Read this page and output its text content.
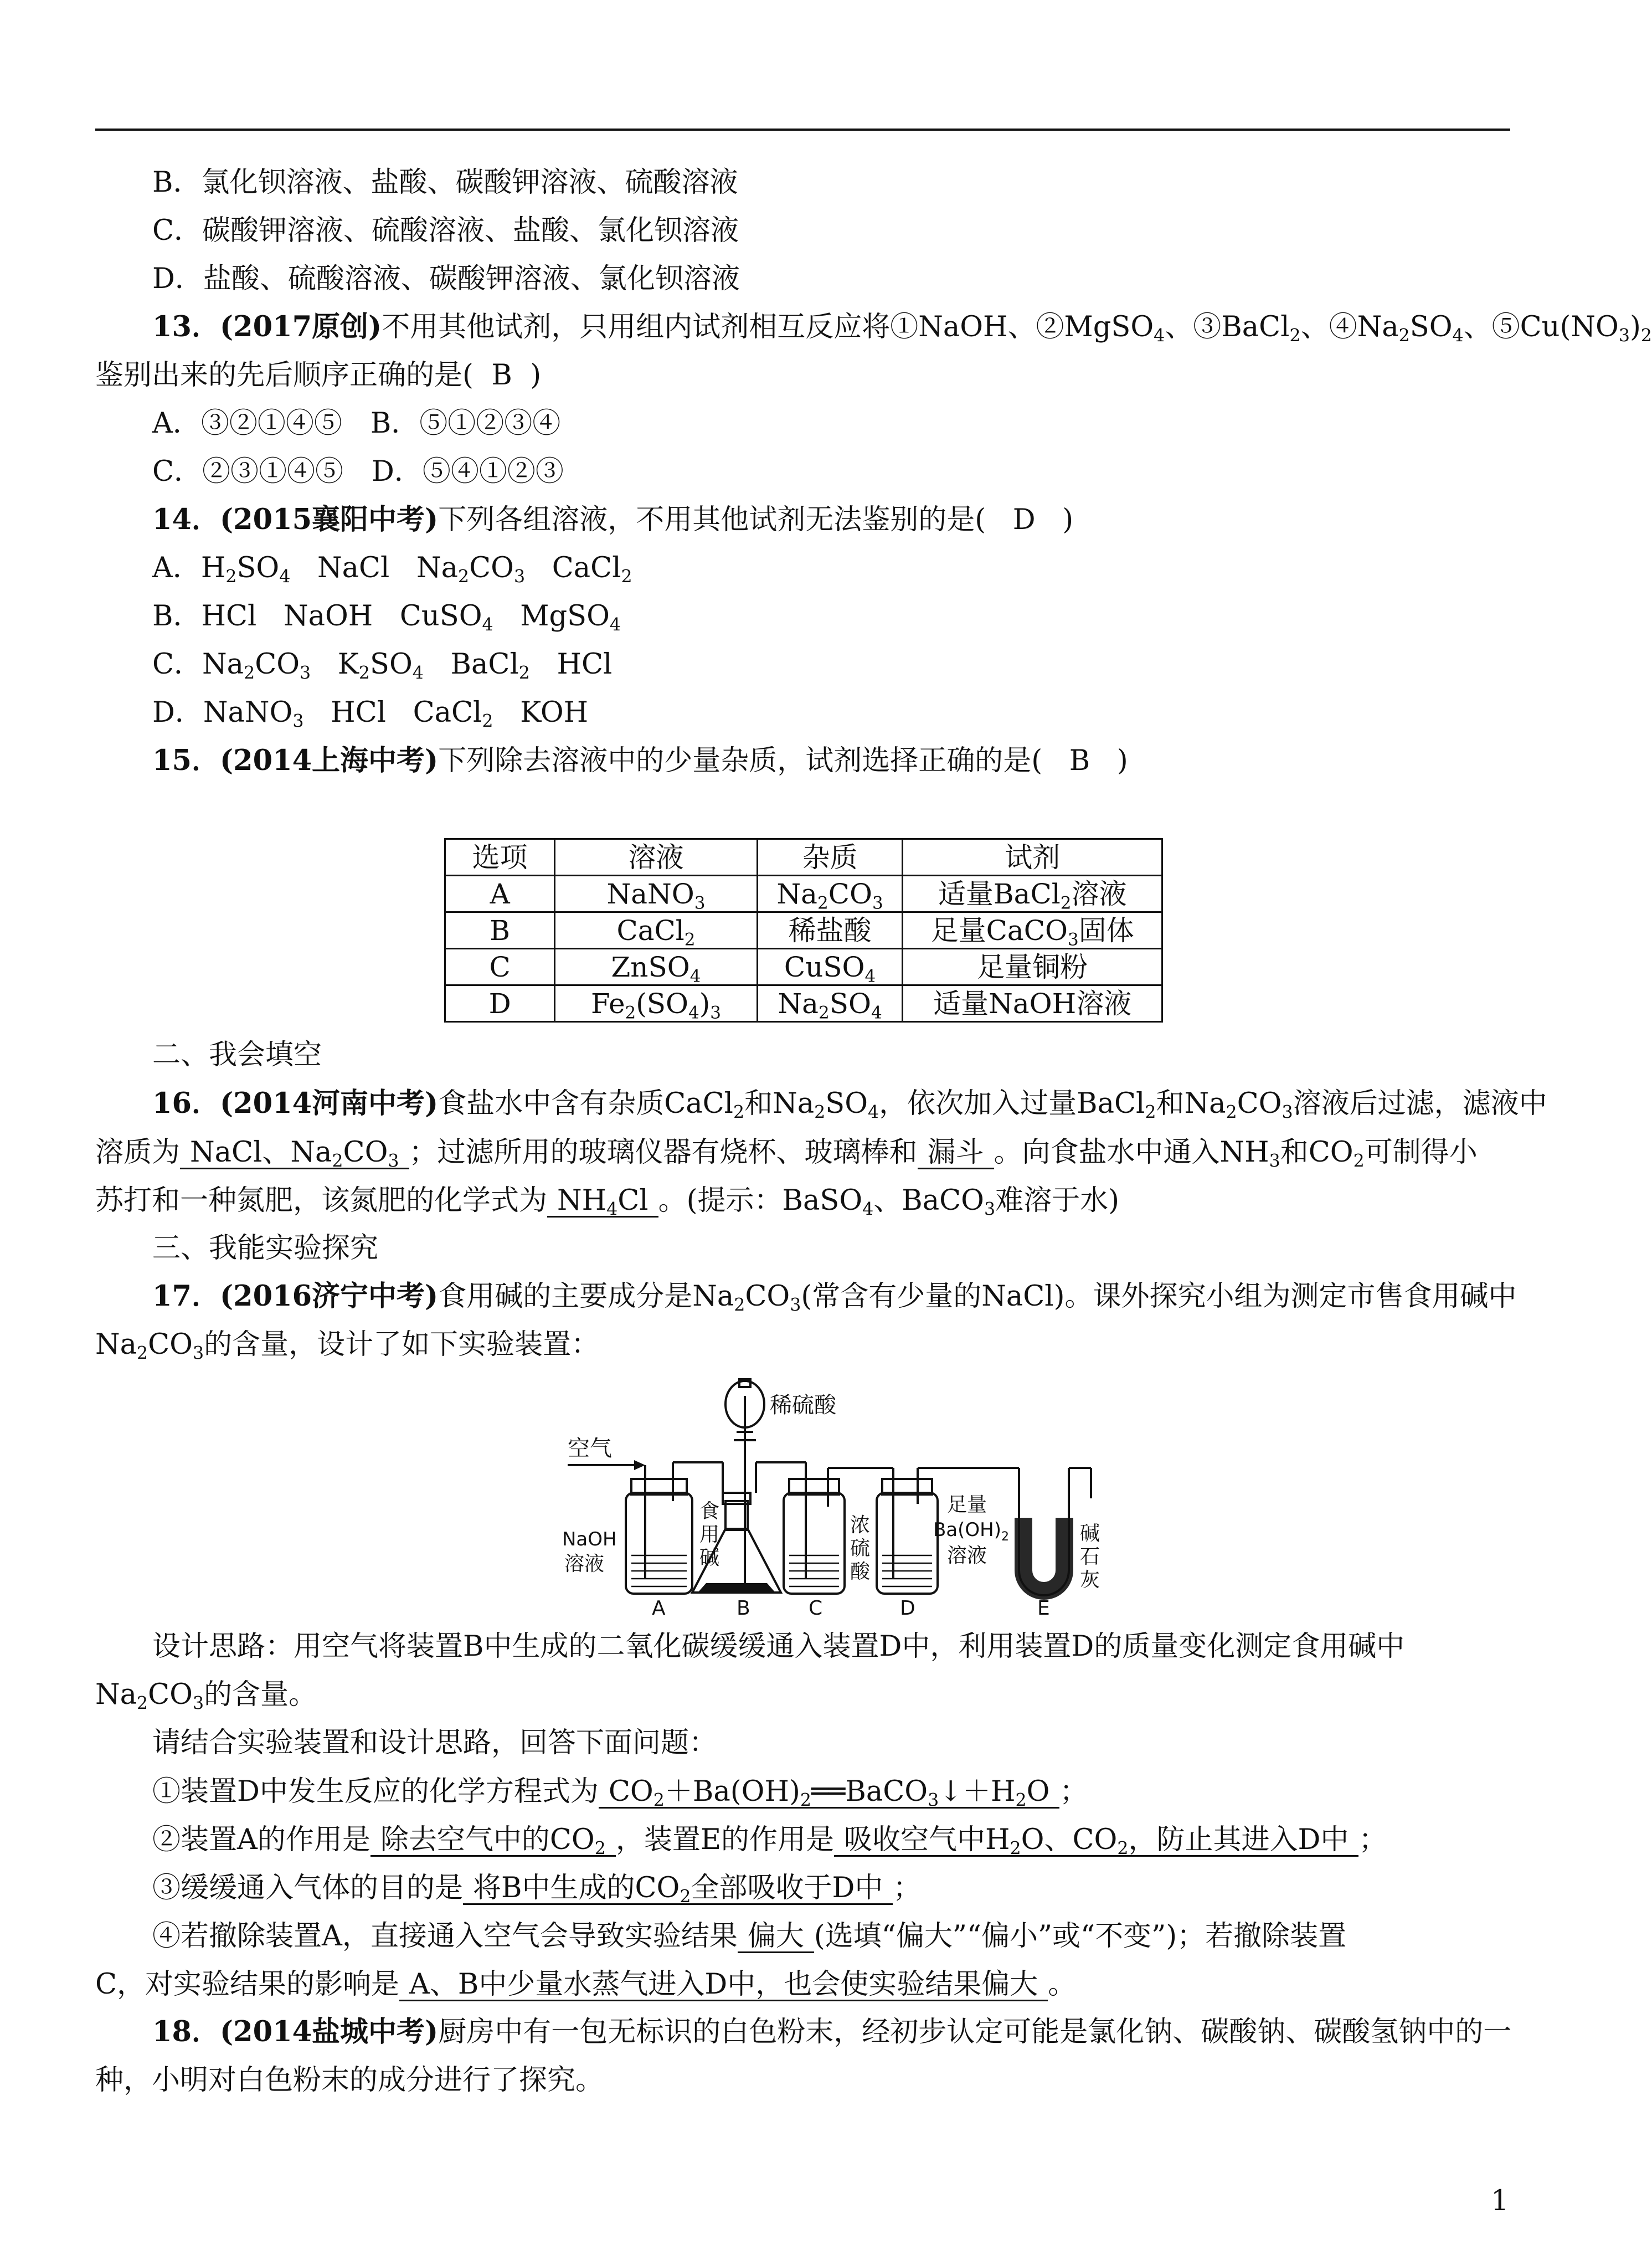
B．氯化钡溶液、盐酸、碳酸钾溶液、硫酸溶液
C．碳酸钾溶液、硫酸溶液、盐酸、氯化钡溶液
D．盐酸、硫酸溶液、碳酸钾溶液、氯化钡溶液
13．(2017原创)不用其他试剂，只用组内试剂相互反应将①NaOH、②MgSO$_4$、③BaCl$_2$、$④Na_2SO_4$、$⑤Cu(NO_3)_2$
鉴别出来的先后顺序正确的是( B )
A．③②①④⑤　B．⑤①②③④
C．②③①④⑤　D．⑤④①②③
14．(2015襄阳中考)下列各组溶液，不用其他试剂无法鉴别的是( D )
A．$H_2SO_4$ NaCl $Na_2CO_3$ CaCl$_2$
B．HCl NaOH CuSO$_4$ MgSO$_4$
C．$Na_2CO_3$ $K_2SO_4$ BaCl$_2$ HCl
D．NaNO$_3$ HCl CaCl$_2$ KOH
15．(2014上海中考)下列除去溶液中的少量杂质，试剂选择正确的是( B )
选项	溶液	杂质	试剂
A	NaNO$_3$	$Na_2CO_3$	适量BaCl$_2$溶液
B	CaCl$_2$	稀盐酸	足量CaCO$_3$固体
C	ZnSO$_4$	CuSO$_4$	足量铜粉
D	$Fe_2(SO_4)_3$	$Na_2SO_4$	适量NaOH溶液
二、我会填空
16．(2014河南中考)食盐水中含有杂质CaCl$_2$和$Na_2SO_4$，依次加入过量BaCl$_2$和$Na_2CO_3$溶液后过滤，滤液中
溶质为 NaCl、$Na_2CO_3$ ；过滤所用的玻璃仪器有烧杯、玻璃棒和 漏斗 。向食盐水中通入$NH_3$和$CO_2$可制得小
苏打和一种氮肥，该氮肥的化学式为 $NH_4Cl$ 。(提示：BaSO$_4$、BaCO$_3$难溶于水)
三、我能实验探究
17．(2016济宁中考)食用碱的主要成分是$Na_2CO_3$(常含有少量的NaCl)。课外探究小组为测定市售食用碱中
$Na_2CO_3$的含量，设计了如下实验装置：
空气
稀硫酸
NaOH
溶液
食
用
碱
浓
硫
酸
足量
$Ba(OH)_2$
溶液
碱
石
灰
A	B	C	D	E
设计思路：用空气将装置B中生成的二氧化碳缓缓通入装置D中，利用装置D的质量变化测定食用碱中
$Na_2CO_3$的含量。
请结合实验装置和设计思路，回答下面问题：
①装置D中发生反应的化学方程式为 $CO_2+Ba(OH)_2══BaCO_3↓+H_2O$ ；
②装置A的作用是 除去空气中的$CO_2$ ，装置E的作用是 吸收空气中$H_2O$、$CO_2$，防止其进入D中 ；
③缓缓通入气体的目的是 将B中生成的$CO_2$全部吸收于D中 ；
④若撤除装置A，直接通入空气会导致实验结果 偏大 (选填“偏大”“偏小”或“不变”)；若撤除装置
C，对实验结果的影响是 A、B中少量水蒸气进入D中，也会使实验结果偏大 。
18．(2014盐城中考)厨房中有一包无标识的白色粉末，经初步认定可能是氯化钠、碳酸钠、碳酸氢钠中的一
种，小明对白色粉末的成分进行了探究。
1
